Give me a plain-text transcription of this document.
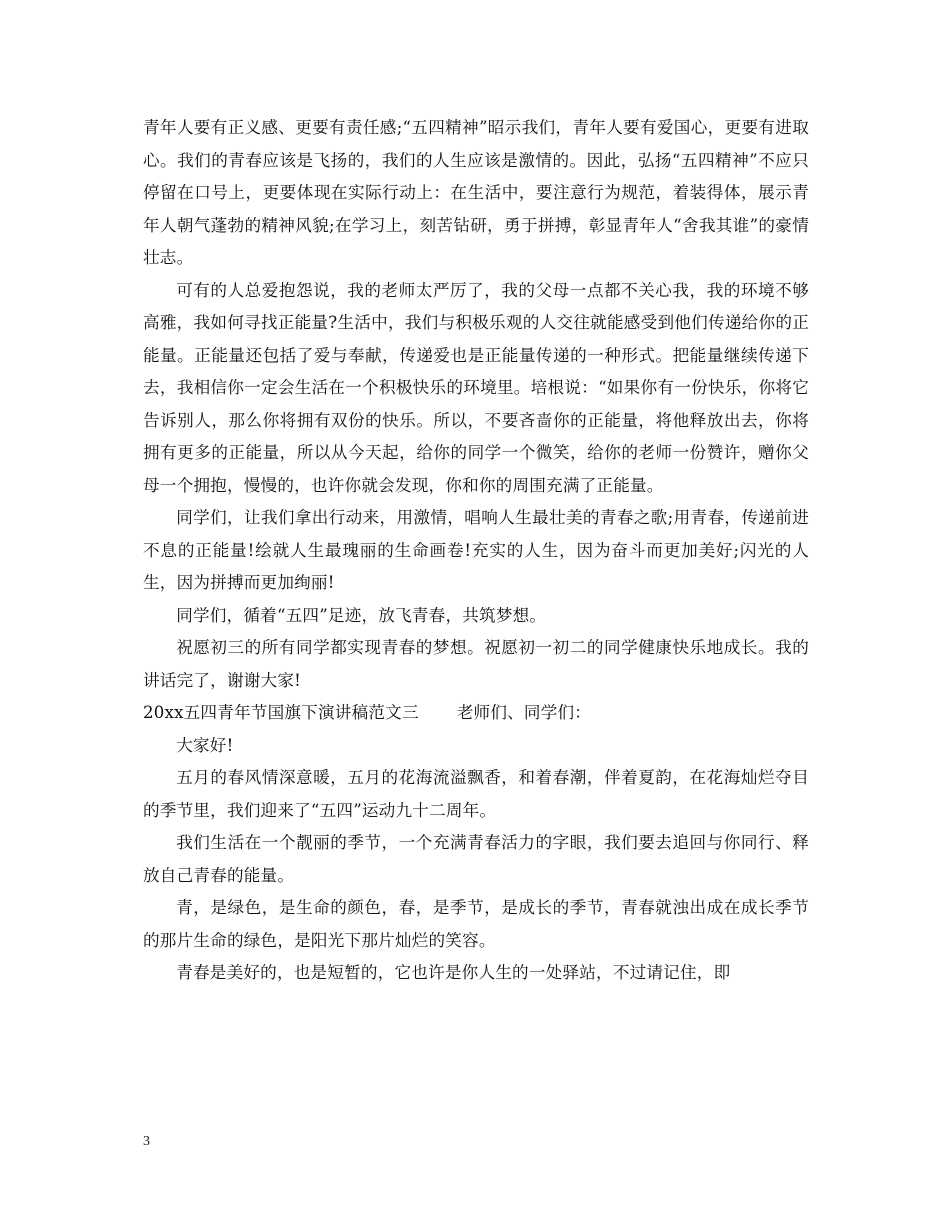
青年人要有正义感、更要有责任感;“五四精神”昭示我们，青年人要有爱国心，更要有进取心。我们的青春应该是飞扬的，我们的人生应该是激情的。因此，弘扬“五四精神”不应只停留在口号上，更要体现在实际行动上：在生活中，要注意行为规范，着装得体，展示青年人朝气蓬勃的精神风貌;在学习上，刻苦钻研，勇于拼搏，彰显青年人“舍我其谁”的豪情壮志。

可有的人总爱抱怨说，我的老师太严厉了，我的父母一点都不关心我，我的环境不够高雅，我如何寻找正能量?生活中，我们与积极乐观的人交往就能感受到他们传递给你的正能量。正能量还包括了爱与奉献，传递爱也是正能量传递的一种形式。把能量继续传递下去，我相信你一定会生活在一个积极快乐的环境里。培根说：“如果你有一份快乐，你将它告诉别人，那么你将拥有双份的快乐。所以，不要吝啬你的正能量，将他释放出去，你将拥有更多的正能量，所以从今天起，给你的同学一个微笑，给你的老师一份赞许，赠你父母一个拥抱，慢慢的，也许你就会发现，你和你的周围充满了正能量。

同学们，让我们拿出行动来，用激情，唱响人生最壮美的青春之歌;用青春，传递前进不息的正能量!绘就人生最瑰丽的生命画卷!充实的人生，因为奋斗而更加美好;闪光的人生，因为拼搏而更加绚丽!

同学们，循着“五四”足迹，放飞青春，共筑梦想。

祝愿初三的所有同学都实现青春的梦想。祝愿初一初二的同学健康快乐地成长。我的讲话完了，谢谢大家!

20xx五四青年节国旗下演讲稿范文三 老师们、同学们：

大家好!

五月的春风情深意暖，五月的花海流溢飘香，和着春潮，伴着夏韵，在花海灿烂夺目的季节里，我们迎来了“五四”运动九十二周年。

我们生活在一个靓丽的季节，一个充满青春活力的字眼，我们要去追回与你同行、释放自己青春的能量。

青，是绿色，是生命的颜色，春，是季节，是成长的季节，青春就浊出成在成长季节的那片生命的绿色，是阳光下那片灿烂的笑容。

青春是美好的，也是短暂的，它也许是你人生的一处驿站，不过请记住，即

3
